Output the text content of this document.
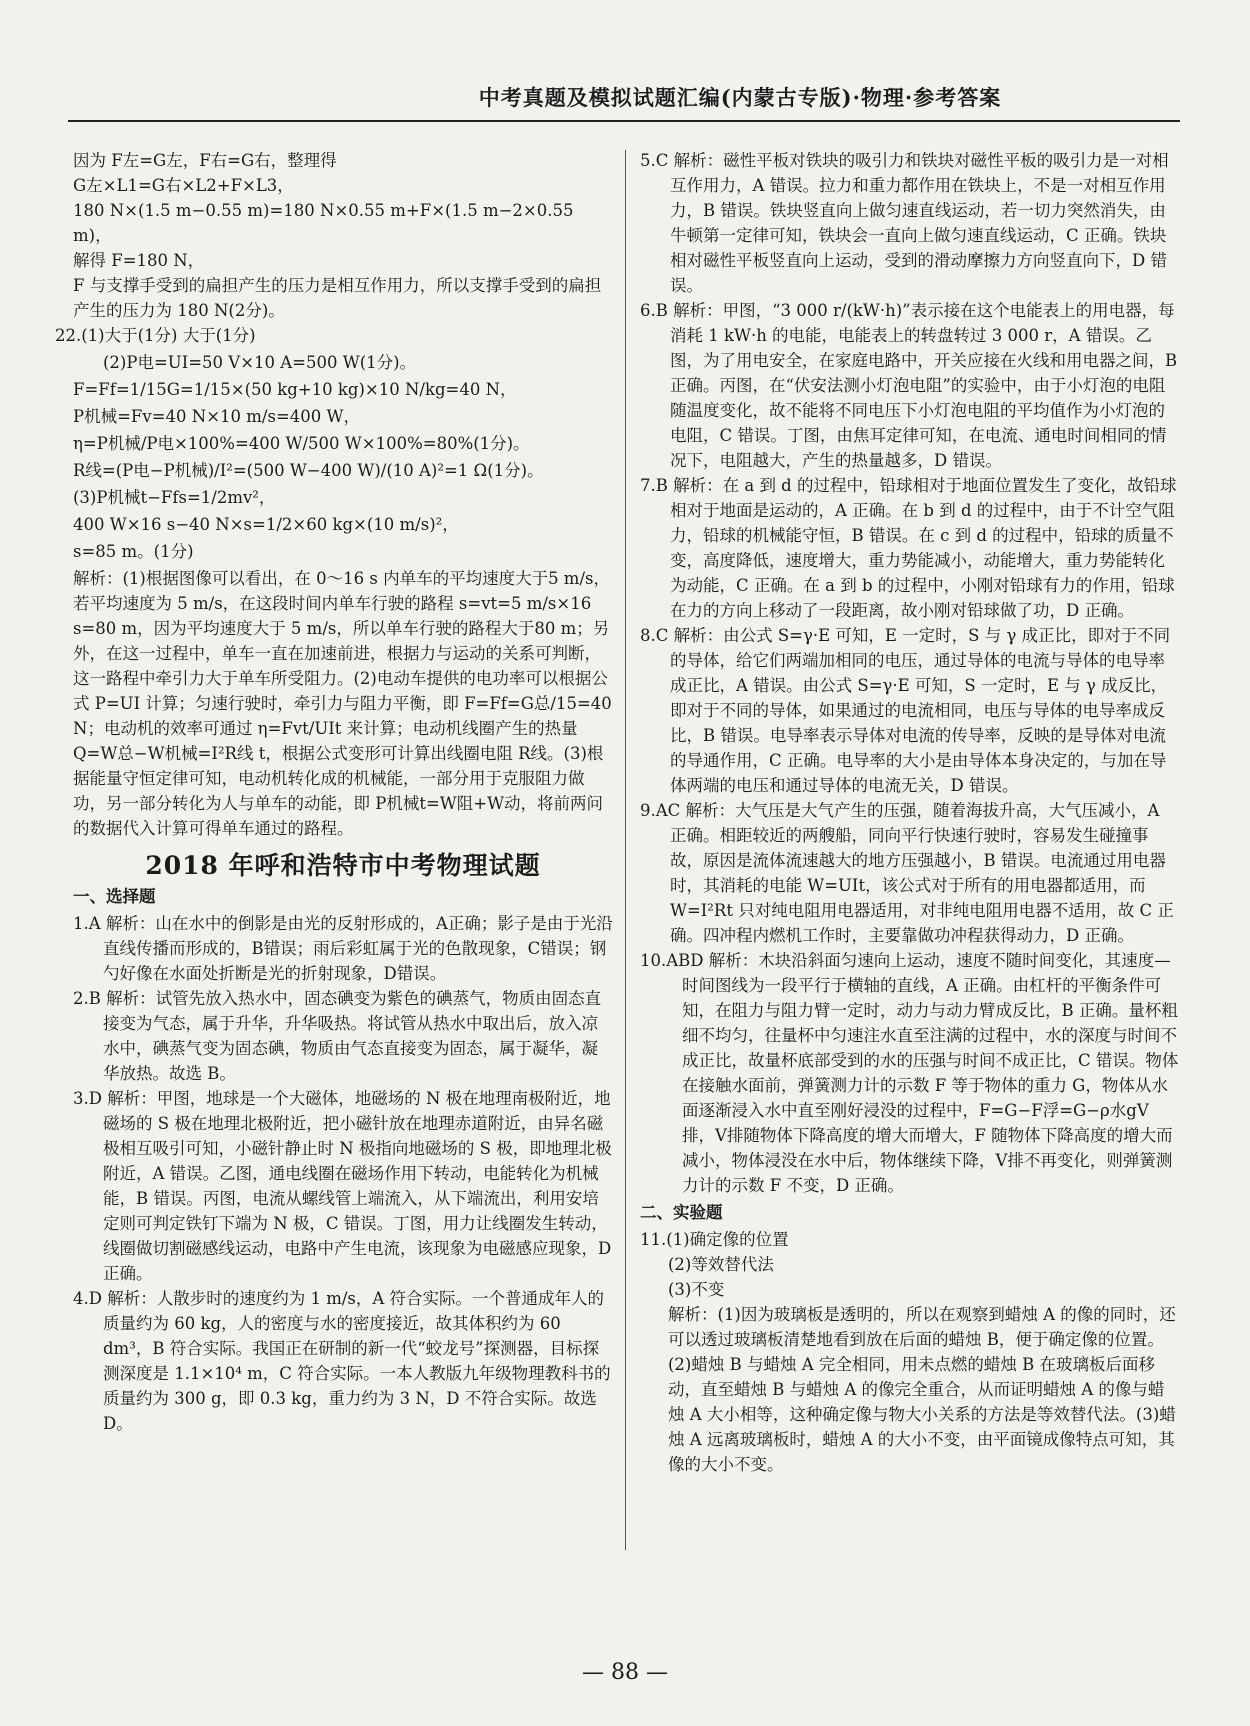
中考真题及模拟试题汇编(内蒙古专版)·物理·参考答案

因为 F左=G左，F右=G右，整理得

G左×L1=G右×L2+F×L3，

180 N×(1.5 m−0.55 m)=180 N×0.55 m+F×(1.5 m−2×0.55 m)，

解得 F=180 N，

F 与支撑手受到的扁担产生的压力是相互作用力，所以支撑手受到的扁担产生的压力为 180 N(2分)。

22.(1)大于(1分) 大于(1分)

(2)P电=UI=50 V×10 A=500 W(1分)。

F=Ff=1/15G=1/15×(50 kg+10 kg)×10 N/kg=40 N，

P机械=Fv=40 N×10 m/s=400 W，

η=P机械/P电×100%=400 W/500 W×100%=80%(1分)。

R线=(P电−P机械)/I²=(500 W−400 W)/(10 A)²=1 Ω(1分)。

(3)P机械t−Ffs=1/2mv²，

400 W×16 s−40 N×s=1/2×60 kg×(10 m/s)²，

s=85 m。(1分)

解析：(1)根据图像可以看出，在 0～16 s 内单车的平均速度大于5 m/s，若平均速度为 5 m/s，在这段时间内单车行驶的路程 s=vt=5 m/s×16 s=80 m，因为平均速度大于 5 m/s，所以单车行驶的路程大于80 m；另外，在这一过程中，单车一直在加速前进，根据力与运动的关系可判断，这一路程中牵引力大于单车所受阻力。(2)电动车提供的电功率可以根据公式 P=UI 计算；匀速行驶时，牵引力与阻力平衡，即 F=Ff=G总/15=40 N；电动机的效率可通过 η=Fvt/UIt 来计算；电动机线圈产生的热量 Q=W总−W机械=I²R线 t，根据公式变形可计算出线圈电阻 R线。(3)根据能量守恒定律可知，电动机转化成的机械能，一部分用于克服阻力做功，另一部分转化为人与单车的动能，即 P机械t=W阻+W动，将前两问的数据代入计算可得单车通过的路程。

2018 年呼和浩特市中考物理试题

一、选择题

1.A 解析：山在水中的倒影是由光的反射形成的，A正确；影子是由于光沿直线传播而形成的，B错误；雨后彩虹属于光的色散现象，C错误；钢勺好像在水面处折断是光的折射现象，D错误。

2.B 解析：试管先放入热水中，固态碘变为紫色的碘蒸气，物质由固态直接变为气态，属于升华，升华吸热。将试管从热水中取出后，放入凉水中，碘蒸气变为固态碘，物质由气态直接变为固态，属于凝华，凝华放热。故选 B。

3.D 解析：甲图，地球是一个大磁体，地磁场的 N 极在地理南极附近，地磁场的 S 极在地理北极附近，把小磁针放在地理赤道附近，由异名磁极相互吸引可知，小磁针静止时 N 极指向地磁场的 S 极，即地理北极附近，A 错误。乙图，通电线圈在磁场作用下转动，电能转化为机械能，B 错误。丙图，电流从螺线管上端流入，从下端流出，利用安培定则可判定铁钉下端为 N 极，C 错误。丁图，用力让线圈发生转动，线圈做切割磁感线运动，电路中产生电流，该现象为电磁感应现象，D 正确。

4.D 解析：人散步时的速度约为 1 m/s，A 符合实际。一个普通成年人的质量约为 60 kg，人的密度与水的密度接近，故其体积约为 60 dm³，B 符合实际。我国正在研制的新一代“蛟龙号”探测器，目标探测深度是 1.1×10⁴ m，C 符合实际。一本人教版九年级物理教科书的质量约为 300 g，即 0.3 kg，重力约为 3 N，D 不符合实际。故选 D。

5.C 解析：磁性平板对铁块的吸引力和铁块对磁性平板的吸引力是一对相互作用力，A 错误。拉力和重力都作用在铁块上，不是一对相互作用力，B 错误。铁块竖直向上做匀速直线运动，若一切力突然消失，由牛顿第一定律可知，铁块会一直向上做匀速直线运动，C 正确。铁块相对磁性平板竖直向上运动，受到的滑动摩擦力方向竖直向下，D 错误。

6.B 解析：甲图，“3 000 r/(kW·h)”表示接在这个电能表上的用电器，每消耗 1 kW·h 的电能，电能表上的转盘转过 3 000 r，A 错误。乙图，为了用电安全，在家庭电路中，开关应接在火线和用电器之间，B 正确。丙图，在“伏安法测小灯泡电阻”的实验中，由于小灯泡的电阻随温度变化，故不能将不同电压下小灯泡电阻的平均值作为小灯泡的电阻，C 错误。丁图，由焦耳定律可知，在电流、通电时间相同的情况下，电阻越大，产生的热量越多，D 错误。

7.B 解析：在 a 到 d 的过程中，铅球相对于地面位置发生了变化，故铅球相对于地面是运动的，A 正确。在 b 到 d 的过程中，由于不计空气阻力，铅球的机械能守恒，B 错误。在 c 到 d 的过程中，铅球的质量不变，高度降低，速度增大，重力势能减小，动能增大，重力势能转化为动能，C 正确。在 a 到 b 的过程中，小刚对铅球有力的作用，铅球在力的方向上移动了一段距离，故小刚对铅球做了功，D 正确。

8.C 解析：由公式 S=γ·E 可知，E 一定时，S 与 γ 成正比，即对于不同的导体，给它们两端加相同的电压，通过导体的电流与导体的电导率成正比，A 错误。由公式 S=γ·E 可知，S 一定时，E 与 γ 成反比，即对于不同的导体，如果通过的电流相同，电压与导体的电导率成反比，B 错误。电导率表示导体对电流的传导率，反映的是导体对电流的导通作用，C 正确。电导率的大小是由导体本身决定的，与加在导体两端的电压和通过导体的电流无关，D 错误。

9.AC 解析：大气压是大气产生的压强，随着海拔升高，大气压减小，A 正确。相距较近的两艘船，同向平行快速行驶时，容易发生碰撞事故，原因是流体流速越大的地方压强越小，B 错误。电流通过用电器时，其消耗的电能 W=UIt，该公式对于所有的用电器都适用，而 W=I²Rt 只对纯电阻用电器适用，对非纯电阻用电器不适用，故 C 正确。四冲程内燃机工作时，主要靠做功冲程获得动力，D 正确。

10.ABD 解析：木块沿斜面匀速向上运动，速度不随时间变化，其速度—时间图线为一段平行于横轴的直线，A 正确。由杠杆的平衡条件可知，在阻力与阻力臂一定时，动力与动力臂成反比，B 正确。量杯粗细不均匀，往量杯中匀速注水直至注满的过程中，水的深度与时间不成正比，故量杯底部受到的水的压强与时间不成正比，C 错误。物体在接触水面前，弹簧测力计的示数 F 等于物体的重力 G，物体从水面逐渐浸入水中直至刚好浸没的过程中，F=G−F浮=G−ρ水gV排，V排随物体下降高度的增大而增大，F 随物体下降高度的增大而减小，物体浸没在水中后，物体继续下降，V排不再变化，则弹簧测力计的示数 F 不变，D 正确。

二、实验题

11.(1)确定像的位置

(2)等效替代法

(3)不变

解析：(1)因为玻璃板是透明的，所以在观察到蜡烛 A 的像的同时，还可以透过玻璃板清楚地看到放在后面的蜡烛 B，便于确定像的位置。(2)蜡烛 B 与蜡烛 A 完全相同，用未点燃的蜡烛 B 在玻璃板后面移动，直至蜡烛 B 与蜡烛 A 的像完全重合，从而证明蜡烛 A 的像与蜡烛 A 大小相等，这种确定像与物大小关系的方法是等效替代法。(3)蜡烛 A 远离玻璃板时，蜡烛 A 的大小不变，由平面镜成像特点可知，其像的大小不变。

— 88 —
